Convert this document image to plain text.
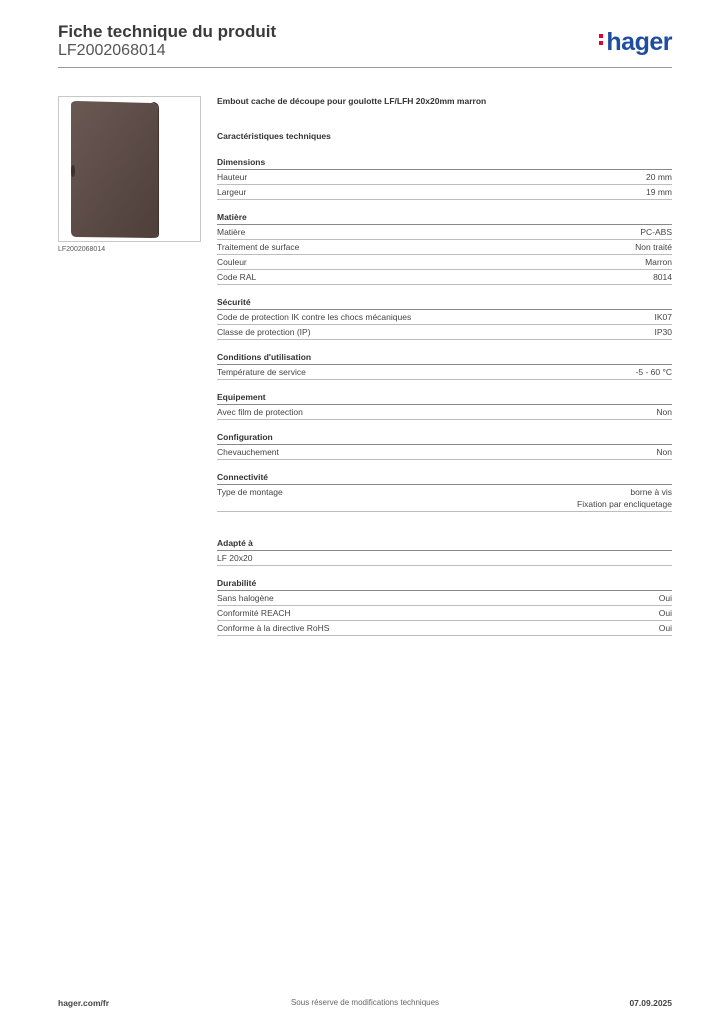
Fiche technique du produit
LF2002068014	hager
LF2002068014
Embout cache de découpe pour goulotte LF/LFH 20x20mm marron
Caractéristiques techniques
Dimensions
Hauteur	20 mm
Largeur	19 mm
Matière
Matière	PC-ABS
Traitement de surface	Non traité
Couleur	Marron
Code RAL	8014
Sécurité
Code de protection IK contre les chocs mécaniques	IK07
Classe de protection (IP)	IP30
Conditions d'utilisation
Température de service	-5 - 60 °C
Equipement
Avec film de protection	Non
Configuration
Chevauchement	Non
Connectivité
Type de montage	borne à vis
Fixation par encliquetage
Adapté à
LF 20x20
Durabilité
Sans halogène	Oui
Conformité REACH	Oui
Conforme à la directive RoHS	Oui
hager.com/fr	Sous réserve de modifications techniques	07.09.2025
